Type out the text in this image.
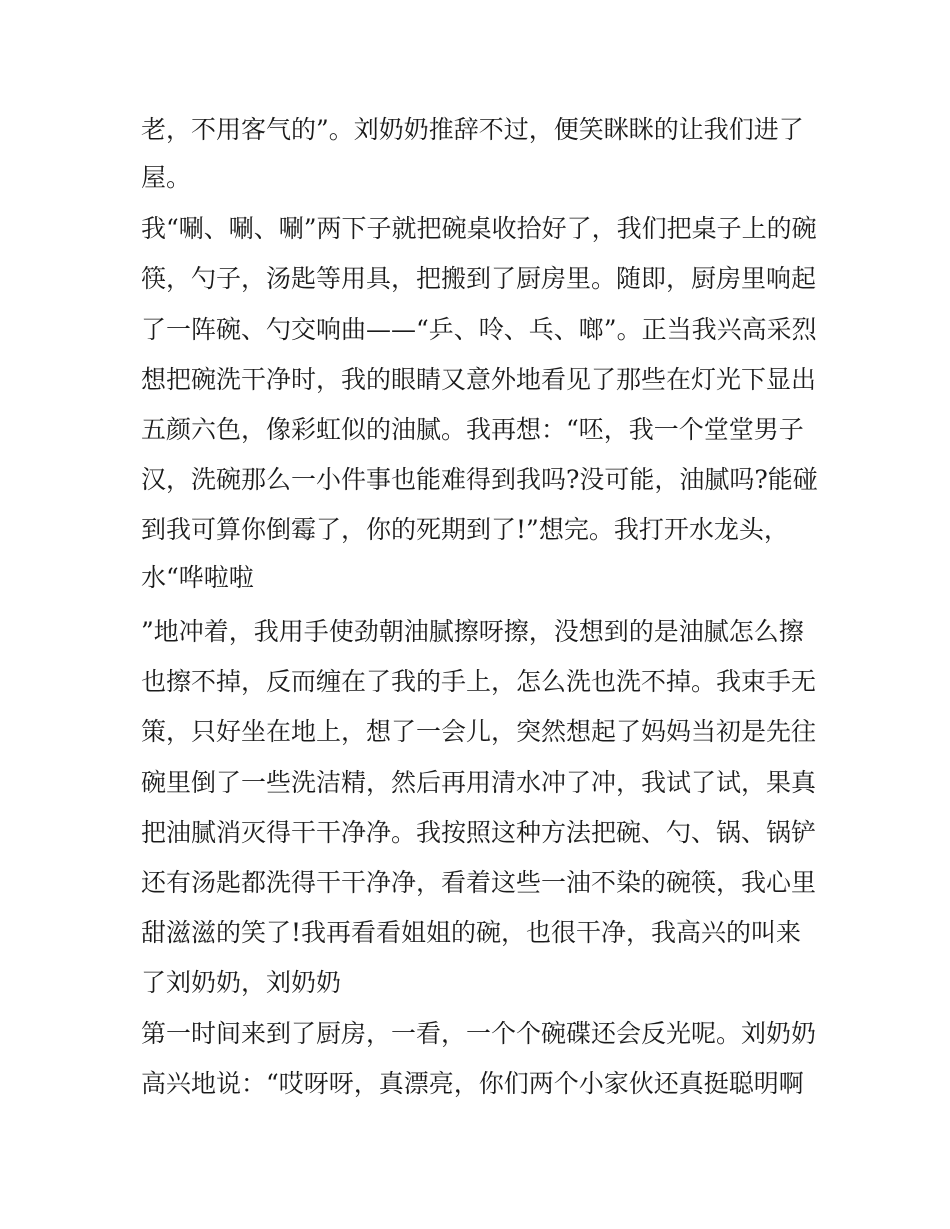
老，不用客气的”。刘奶奶推辞不过，便笑眯眯的让我们进了

屋。

我“唰、唰、唰”两下子就把碗桌收拾好了，我们把桌子上的碗

筷，勺子，汤匙等用具，把搬到了厨房里。随即，厨房里响起

了一阵碗、勺交响曲——“乒、呤、乓、啷”。正当我兴高采烈

想把碗洗干净时，我的眼睛又意外地看见了那些在灯光下显出

五颜六色，像彩虹似的油腻。我再想：“呸，我一个堂堂男子

汉，洗碗那么一小件事也能难得到我吗?没可能，油腻吗?能碰

到我可算你倒霉了，你的死期到了!”想完。我打开水龙头，

水“哗啦啦

”地冲着，我用手使劲朝油腻擦呀擦，没想到的是油腻怎么擦

也擦不掉，反而缠在了我的手上，怎么洗也洗不掉。我束手无

策，只好坐在地上，想了一会儿，突然想起了妈妈当初是先往

碗里倒了一些洗洁精，然后再用清水冲了冲，我试了试，果真

把油腻消灭得干干净净。我按照这种方法把碗、勺、锅、锅铲

还有汤匙都洗得干干净净，看着这些一油不染的碗筷，我心里

甜滋滋的笑了!我再看看姐姐的碗，也很干净，我高兴的叫来

了刘奶奶，刘奶奶

第一时间来到了厨房，一看，一个个碗碟还会反光呢。刘奶奶

高兴地说：“哎呀呀，真漂亮，你们两个小家伙还真挺聪明啊
